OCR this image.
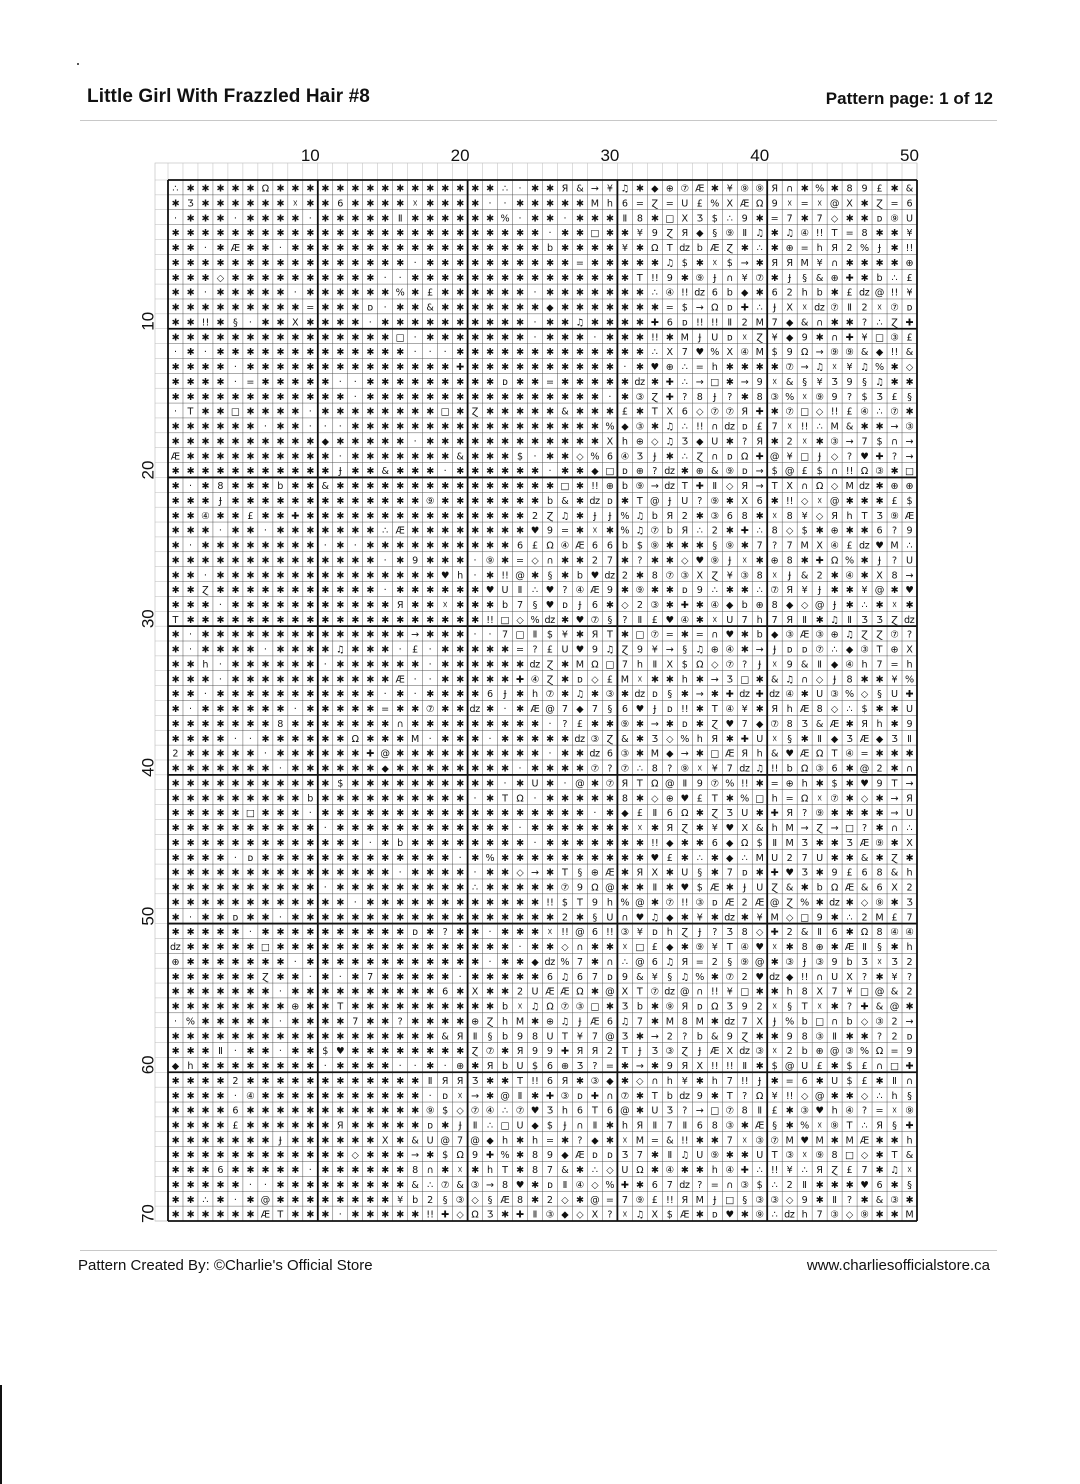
Little Girl With Frazzled Hair #8	Pattern page: 1 of 12
∴ ✱ ✱ ✱ ✱ ✱ Ω ✱ ✱ ✱ ✱ ✱ ✱ ✱ ✱ ✱ ✱ ✱ ✱ ✱ ✱ ✱ ∴ · ✱ ✱ Я & → ¥ ♫ ✱ ◆ ⊕ ⑦ Æ ✱ ¥ ⑨ ⑨ Я ∩ ✱ % ✱ 8 9 £ ✱ &
✱ Ʒ ✱ ✱ ✱ ✱ ✱ ✱ ☓ ✱ ✱ 6 ✱ ✱ ✱ ✱ ☓ ✱ ✱ ✱ ✱ · · ✱ ✱ ✱ ✱ ✱ M h 6 = Ɀ = U £ % X Æ Ω 9 ☓ = ☓ @ X ✱ Ɀ = 6
· ✱ ✱ ✱ · ✱ ✱ ✱ ✱ · ✱ ✱ ✱ ✱ ✱ Ⅱ ✱ ✱ ✱ ✱ ✱ ✱ % · ✱ ✱ · ✱ ✱ ✱ Ⅱ 8 ✱ □ X Ʒ $ ∴ 9 ✱ = 7 ✱ 7 ◇ ✱ ✱ ᴅ ⑨ U
✱ ✱ ✱ ✱ ✱ ✱ ✱ ✱ ✱ ✱ ✱ ✱ ✱ ✱ ✱ ✱ ✱ ✱ ✱ ✱ ✱ ✱ ✱ ✱ ✱ · ✱ ✱ □ ✱ ✱ ¥ 9 Ɀ Я ◆ § ⑨ Ⅱ ♫ ✱ ♫ ④ !! T = 8 ✱ ✱ ¥
✱ ✱ · ✱ Æ ✱ ✱ · ✱ ✱ ✱ ✱ ✱ ✱ ✱ ✱ ✱ ✱ ✱ ✱ ✱ ✱ ✱ ✱ ✱ b ✱ ✱ ✱ ✱ ¥ ✱ Ω T ǳ b Æ Ɀ ✱ ∴ ✱ ⊕ = h Я 2 % Ɉ ✱ !!
✱ ✱ ✱ ✱ ✱ ✱ ✱ ✱ ✱ ✱ ✱ ✱ ✱ ✱ ✱ ✱ · ✱ ✱ ✱ ✱ ✱ ✱ ✱ ✱ ✱ ✱ = ✱ ✱ ✱ ✱ ✱ ♫ $ ✱ ☓ $ → ✱ Я Я M ¥ ∩ ✱ ✱ ✱ ✱ ⊕
✱ ✱ ✱ ◇ ✱ ✱ ✱ ✱ ✱ ✱ ✱ ✱ ✱ ✱ · · ✱ ✱ ✱ ✱ ✱ ✱ ✱ ✱ ✱ ✱ ✱ ✱ ✱ ✱ ✱ T !! 9 ✱ ⑨ Ɉ ∩ ¥ ⑦ ✱ Ɉ § & ⊕ ✚ ✱ b ∴ £
✱ ✱ · ✱ ✱ ✱ ✱ ✱ · ✱ ✱ ✱ ✱ ✱ ✱ % ✱ £ ✱ ✱ ✱ ✱ ✱ ✱ · ✱ ✱ ✱ ✱ ✱ ✱ ✱ ∴ ④ !! ǳ 6 b ◆ ✱ 6 2 h b ✱ £ ǳ @ !! ¥
✱ ✱ ✱ ✱ ✱ ✱ ✱ ✱ ✱ = ✱ ✱ ✱ ᴅ · ✱ ✱ & ✱ ✱ ✱ ✱ ✱ ✱ ✱ ◆ ✱ ✱ ✱ ✱ ✱ ✱ ✱ = $ → Ω ᴅ ✚ ∴ Ɉ X ☓ ǳ ⑦ Ⅱ 2 ☓ ⑦ ᴅ
✱ ✱ !! ✱ § · ✱ ✱ X ✱ ✱ ✱ ✱ · ✱ ✱ ✱ ✱ ✱ ✱ ✱ ✱ ✱ ✱ · ✱ ✱ ♫ ✱ ✱ ✱ ✱ ✚ 6 ᴅ !! !! Ⅱ 2 M 7 ◆ & ∩ ✱ ✱ ? ∴ Ɀ ✚
✱ ✱ ✱ ✱ ✱ ✱ ✱ ✱ ✱ ✱ ✱ ✱ ✱ ✱ ✱ □ · ✱ ✱ ✱ ✱ ✱ ✱ ✱ · ✱ ✱ ✱ · ✱ ✱ ✱ !! ✱ M Ɉ U ᴅ ☓ Ɀ ¥ ◆ 9 ✱ ∩ ✚ ¥ □ ③ £
· ✱ · ✱ ✱ ✱ ✱ ✱ ✱ ✱ ✱ ✱ ✱ ✱ ✱ ✱ · · · ✱ ✱ ✱ ✱ ✱ ✱ ✱ ✱ ✱ ✱ ✱ ✱ ✱ ∴ X 7 ♥ % X ④ M $ 9 Ω → ⑨ ⑨ & ◆ !! &
✱ ✱ ✱ ✱ · ✱ ✱ ✱ ✱ ✱ ✱ ✱ ✱ ✱ ✱ ✱ ✱ ✱ ✱ ✚ ✱ ✱ ✱ ✱ ✱ ✱ ✱ ✱ ✱ ✱ · ✱ ♥ ⊕ ∴ = h ✱ ✱ ✱ ✱ ⑦ → ♫ ☓ ¥ ♫ % ✱ ◇
✱ ✱ ✱ ✱ · = ✱ ✱ ✱ ✱ ✱ · · ✱ ✱ ✱ ✱ ✱ ✱ ✱ ✱ ✱ ᴅ ✱ ✱ = ✱ ✱ ✱ ✱ ✱ ǳ ✱ ✚ ∴ → □ ✱ → 9 ☓ & § ¥ Ʒ 9 § ♫ ✱ ✱
✱ ✱ ✱ ✱ ✱ ✱ ✱ ✱ ✱ ✱ ✱ ✱ · ✱ ✱ ✱ ✱ ✱ ✱ ✱ ✱ ✱ ✱ ✱ ✱ ✱ ✱ ✱ ✱ · ✱ ③ Ɀ ✚ ? 8 Ɉ ? ✱ 8 ③ % ☓ ⑨ 9 ? $ Ʒ £ §
· T ✱ ✱ □ ✱ ✱ ✱ ✱ · ✱ ✱ ✱ ✱ ✱ ✱ ✱ ✱ □ ✱ Ɀ ✱ ✱ ✱ ✱ ✱ & ✱ ✱ ✱ £ ✱ T X 6 ◇ ⑦ ⑦ Я ✚ ✱ ⑦ □ ◇ !! £ ④ ∴ ⑦ ✱
✱ ✱ ✱ ✱ ✱ ✱ · ✱ ✱ · · · ✱ ✱ ✱ ✱ ✱ ✱ ✱ ✱ ✱ ✱ ✱ ✱ ✱ ✱ ✱ ✱ ✱ % ◆ ③ ✱ ♫ ∴ !! ∩ ǳ ᴅ £ 7 ☓ !! ∴ M & ✱ ✱ → ③
✱ ✱ ✱ ✱ ✱ ✱ ✱ ✱ ✱ ✱ ◆ ✱ ✱ ✱ ✱ ✱ · ✱ ✱ ✱ ✱ ✱ ✱ ✱ ✱ ✱ ✱ ✱ ✱ X h ⊕ ◇ ♫ Ʒ ◆ U ✱ ? Я ✱ 2 ☓ ✱ ③ → 7 $ ∩ →
Æ ✱ ✱ ✱ ✱ ✱ ✱ ✱ ✱ ✱ ✱ · ✱ ✱ ✱ ✱ ✱ ✱ ✱ & ✱ ✱ ✱ $ · ✱ ✱ ◇ % 6 ④ Ʒ Ɉ ✱ ∴ Ɀ ∩ ᴅ Ω ✚ @ ¥ □ Ɉ ◇ ? ♥ ✚ ? →
✱ ✱ ✱ ✱ ✱ ✱ ✱ ✱ ✱ ✱ ✱ Ɉ ✱ ✱ & ✱ ✱ ✱ · ✱ ✱ ✱ ✱ ✱ ✱ · ✱ ✱ ◆ □ ᴅ ⊕ ? ǳ ✱ ⊕ & ⑨ ᴅ → $ @ £ $ ∩ !! Ω ③ ✱ □
✱ · ✱ 8 ✱ ✱ ✱ b ✱ ✱ & ✱ ✱ ✱ ✱ ✱ ✱ ✱ ✱ ✱ ✱ ✱ ✱ ✱ ✱ ✱ □ ✱ !! ⊕ b ⑨ → ǳ T ✚ Ⅱ ◇ Я → T X ∩ Ω ◇ M ǳ ✱ ⊕ ⊕
✱ ✱ ✱ Ɉ ✱ ✱ ✱ ✱ ✱ ✱ ✱ ✱ ✱ ✱ ✱ ✱ ✱ ⑨ ✱ ✱ ✱ ✱ ✱ ✱ ✱ b & ✱ ǳ ᴅ ✱ T @ Ɉ U ? ⑨ ✱ X 6 ✱ !! ◇ ☓ @ ✱ ✱ ✱ £ $
✱ ✱ ④ ✱ ✱ £ ✱ ✱ ✚ ✱ ✱ ✱ ✱ ✱ ✱ ✱ ✱ ✱ ✱ ✱ ✱ ✱ ✱ ✱ 2 Ɀ ♫ ✱ Ɉ Ɉ % ♫ b Я 2 ✱ ③ 6 8 ✱ ☓ 8 ¥ ◇ Я h T Ʒ ⑨ Æ
✱ ✱ ✱ · ✱ ✱ · ✱ ✱ ✱ ✱ ✱ ✱ ✱ ∴ Æ ✱ ✱ ✱ ✱ ✱ ✱ ✱ ✱ ♥ 9 = ✱ ☓ ✱ % ♫ ⑦ b Я ∴ 2 ✱ ✚ ∴ 8 ◇ $ ✱ ⊕ ✱ ✱ 6 ? 9
✱ · ✱ ✱ ✱ ✱ ✱ ✱ ✱ ✱ · ✱ · ✱ ✱ ✱ ✱ ✱ ✱ ✱ ✱ ✱ ✱ 6 £ Ω ④ Æ 6 6 b $ ⑨ ✱ ✱ ✱ § ⑨ ✱ 7 ? 7 M X ④ £ ǳ ♥ M ∴
✱ ✱ ✱ ✱ ✱ ✱ ✱ ✱ ✱ ✱ ✱ ✱ ✱ ✱ · ✱ 9 ✱ ✱ ✱ · ⑨ ✱ = ◇ ∩ ✱ ✱ 2 7 ✱ ? ✱ ✱ ◇ ♥ ⑨ Ɉ ☓ ✱ ⊕ 8 ✱ ✚ Ω % ✱ Ɉ ? U
✱ ✱ · ✱ ✱ ✱ ✱ ✱ ✱ ✱ ✱ ✱ ✱ ✱ ✱ ✱ ✱ ✱ ♥ h · ✱ !! @ ✱ § ✱ b ♥ ǳ 2 ✱ 8 ⑦ ③ X Ɀ ¥ ③ 8 ☓ Ɉ & 2 ✱ ④ ✱ X 8 →
✱ ✱ Ɀ ✱ ✱ ✱ ✱ ✱ ✱ ✱ ✱ ✱ ✱ ✱ · ✱ ✱ ✱ ✱ ✱ ✱ ♥ U Ⅱ ∴ ♥ ? ④ Æ 9 ✱ ⑨ ✱ ✱ ᴅ 9 ∴ ✱ ✱ ∴ ⑦ Я ¥ Ɉ ✱ ✱ ¥ @ ✱ ♥
✱ ✱ ✱ · ✱ ✱ ✱ ✱ ✱ ✱ ✱ ✱ ✱ ✱ ✱ Я ✱ ✱ ☓ ✱ ✱ ✱ b 7 § ♥ ᴅ Ɉ 6 ✱ ◇ 2 ③ ✱ ✚ ✱ ④ ◆ b ⊕ 8 ◆ ◇ @ Ɉ ✱ ∴ ✱ ☓ ✱
T ✱ ✱ ✱ ✱ ✱ ✱ ✱ ✱ ✱ ✱ ✱ ✱ ✱ ✱ ✱ ✱ ✱ ✱ ✱ ✱ !! □ ◇ % ǳ ✱ ♥ ⑦ § ? Ⅱ £ ♥ ④ ✱ ☓ U 7 h 7 Я Ⅱ ✱ ♫ Ⅱ Ʒ Ʒ Ɀ ǳ
✱ · ✱ ✱ ✱ ✱ ✱ ✱ ✱ ✱ ✱ ✱ ✱ ✱ ✱ ✱ → ✱ ✱ ✱ · · 7 □ Ⅱ $ ¥ ✱ Я T ✱ □ ⑦ = ✱ = ∩ ♥ ✱ b ◆ ③ Æ ③ ⊕ ♫ Ɀ Ɀ ⑦ ?
✱ · ✱ ✱ ✱ ✱ · ✱ ✱ ✱ ✱ ♫ ✱ ✱ ✱ · £ · ✱ ✱ ✱ ✱ ✱ = ? £ U ♥ 9 ♫ Ɀ 9 ¥ → § ♫ ⊕ ④ ✱ → Ɉ ᴅ ᴅ ⑦ ∴ ◆ ③ T ⊕ X
✱ ✱ h · ✱ ✱ ✱ ✱ ✱ ✱ · ✱ ✱ ✱ ✱ ✱ ✱ · ✱ ✱ ✱ ✱ ✱ ✱ ǳ Ɀ ✱ M Ω □ 7 h Ⅱ X $ Ω ◇ ⑦ ? Ɉ ☓ 9 & Ⅱ ◆ ④ h 7 = h
✱ ✱ ✱ · ✱ ✱ ✱ ✱ ✱ ✱ ✱ ✱ ✱ ✱ ✱ Æ · · ✱ ✱ ✱ ✱ ✱ ✚ ④ Ɀ ✱ ᴅ ◇ £ M ☓ ✱ ✱ h ✱ → Ʒ □ ✱ & ♫ ∩ ◇ Ɉ 8 ✱ ✱ ¥ %
✱ ✱ · ✱ ✱ ✱ ✱ ✱ ✱ ✱ ✱ ✱ ✱ ✱ · ✱ · ✱ ✱ ✱ ✱ 6 Ɉ ✱ h ⑦ ✱ ♫ ✱ ③ ✱ ǳ ᴅ § ✱ → ✱ ✚ ǳ ✚ ǳ ④ ✱ U ③ % ◇ § U ✚
✱ · ✱ ✱ ✱ ✱ ✱ ✱ · ✱ ✱ ✱ ✱ ✱ = ✱ ✱ ⑦ ✱ ✱ ǳ ✱ · ✱ Æ @ 7 ◆ 7 § 6 ♥ Ɉ ᴅ !! ✱ T ④ ¥ ✱ Я h Æ 8 ◇ ∴ $ ✱ ✱ U
✱ ✱ ✱ ✱ ✱ ✱ ✱ 8 ✱ ✱ ✱ ✱ ✱ ✱ ✱ ∩ ✱ ✱ ✱ ✱ ✱ ✱ ✱ ✱ ✱ · ? £ ✱ ✱ ⑨ ✱ → ✱ ᴅ ✱ Ɀ ♥ 7 ◆ ⑦ 8 Ʒ & Æ ✱ Я h ✱ 9
✱ ✱ ✱ ✱ · · ✱ ✱ ✱ ✱ ✱ ✱ Ω ✱ ✱ ✱ M · ✱ ✱ ✱ · ✱ ✱ ✱ ✱ ✱ ǳ ③ Ɀ & ✱ Ʒ ◇ % h Я ✱ ✚ U ☓ § ✱ Ⅱ ◆ Ʒ Æ ◆ Ʒ Ⅱ
2 ✱ ✱ ✱ ✱ ✱ · ✱ ✱ ✱ ✱ ✱ ✱ ✚ @ ✱ ✱ ✱ ✱ ✱ ✱ ✱ ✱ ✱ ✱ · ✱ ✱ ǳ 6 ③ ✱ M ◆ → ✱ □ Æ Я h & ♥ Æ Ω T ④ = ✱ ✱ ✱
✱ ✱ ✱ ✱ ✱ ✱ ✱ · ✱ ✱ ✱ ✱ ✱ ✱ ◆ ✱ ✱ ✱ ✱ ✱ ✱ ✱ ✱ · ✱ ✱ ✱ ✱ ⑦ ? ⑦ ∴ 8 ? ⑨ ☓ ¥ 7 ǳ ♫ !! b Ω ③ 6 ✱ @ 2 ✱ ∩
✱ ✱ ✱ ✱ ✱ ✱ ✱ ✱ ✱ ✱ ✱ $ ✱ ✱ ✱ ✱ ✱ ✱ ✱ ✱ ✱ ✱ · ✱ U ✱ · @ ✱ ⑦ Я T Ω @ Ⅱ 9 ⑦ % !! ✱ = ⊕ h ✱ $ ✱ ♥ 9 T →
✱ ✱ ✱ ✱ ✱ ✱ ✱ ✱ ✱ b ✱ ✱ ✱ ✱ ✱ ✱ ✱ ✱ ✱ ✱ · ✱ T Ω · ✱ ✱ ✱ ✱ ✱ 8 ✱ ◇ ⊕ ♥ £ T ✱ % □ h = Ω ☓ ⑦ ✱ ◇ ✱ → Я
✱ ✱ ✱ ✱ ✱ □ ✱ ✱ ✱ · ✱ ✱ ✱ ✱ ✱ ✱ ✱ ✱ ✱ ✱ ✱ ✱ ✱ ✱ ✱ ✱ ✱ ✱ · ✱ ◆ £ Ⅱ 6 Ω ✱ Ɀ Ʒ U ✱ ✚ Я ? ⑨ ✱ ✱ ✱ ✱ → U
✱ ✱ ✱ ✱ ✱ ✱ ✱ ✱ ✱ ✱ · ✱ ✱ ✱ ✱ ✱ ✱ ✱ ✱ ✱ ✱ ✱ ✱ · ✱ ✱ ✱ ✱ ✱ ✱ ✱ ☓ ✱ Я Ɀ ✱ ¥ ♥ X & h M → Ɀ → □ ? ✱ ∩ ∴
✱ ✱ ✱ ✱ ✱ ✱ ✱ ✱ ✱ ✱ ✱ ✱ ✱ · ✱ b ✱ ✱ ✱ ✱ ✱ ✱ ✱ ✱ · ✱ ✱ ✱ ✱ ✱ ✱ ✱ !! ◆ ✱ ✱ 6 ◆ Ω $ Ⅱ M Ʒ ✱ ✱ Ʒ Æ ⑨ ✱ X
✱ ✱ ✱ ✱ · ᴅ ✱ ✱ ✱ ✱ ✱ ✱ ✱ ✱ ✱ ✱ ✱ ✱ ✱ · ✱ % ✱ ✱ ✱ ✱ ✱ ✱ ✱ ✱ ✱ ✱ ♥ £ ✱ ∴ ✱ ◆ ∴ M U 2 7 U ✱ ✱ & ✱ Ɀ ✱
✱ ✱ ✱ ✱ ✱ ✱ ✱ ✱ ✱ ✱ ✱ ✱ ✱ ✱ ✱ · ✱ ✱ ✱ ✱ · ✱ ✱ ◇ → ✱ T § ⊕ Æ ✱ Я X ✱ U § ✱ 7 ᴅ ✱ ✚ ♥ Ʒ ✱ 9 £ 6 8 & h
✱ ✱ ✱ ✱ ✱ ✱ ✱ ✱ ✱ ✱ · ✱ ✱ ✱ ✱ ✱ ✱ ✱ ✱ ✱ ∴ ✱ ✱ ✱ ✱ ✱ ⑦ 9 Ω @ ✱ ✱ Ⅱ ✱ ♥ $ Æ ✱ Ɉ U Ɀ & ✱ b Ω Æ & 6 X 2
✱ ✱ ✱ ✱ ✱ ✱ ✱ ✱ ✱ ✱ ✱ ✱ · ✱ ✱ ✱ ✱ ✱ ✱ ✱ ✱ ✱ ✱ ✱ ✱ !! $ T 9 h % @ ✱ ⑦ !! ③ ᴅ Æ 2 Æ @ Ɀ % ✱ ǳ ✱ ◇ ⑨ ✱ Ʒ
✱ · ✱ ✱ ᴅ ✱ ✱ · ✱ ✱ ✱ ✱ ✱ ✱ ✱ ✱ ✱ ✱ ✱ ✱ ✱ ✱ ✱ ✱ ✱ ✱ 2 ✱ § U ∩ ♥ ♫ ◆ ✱ ¥ ✱ ǳ ✱ ¥ M ◇ □ 9 ✱ ∴ 2 M £ 7
✱ ✱ ✱ ✱ ✱ · ✱ ✱ ✱ ✱ ✱ ✱ ✱ ✱ ✱ ✱ ᴅ ✱ ? ✱ ✱ · ✱ ✱ ✱ ☓ !! @ 6 !! ③ ¥ ᴅ h Ɀ Ɉ ? Ʒ 8 ◇ ✚ 2 & Ⅱ 6 ✱ Ω 8 ④ ④
ǳ ✱ ✱ ✱ ✱ ✱ □ ✱ ✱ ✱ ✱ ✱ ✱ ✱ ✱ ✱ ✱ ✱ ✱ ✱ ✱ ✱ ✱ · ✱ ✱ ◇ ∩ ✱ ✱ ☓ □ £ ◆ ✱ ⑨ ¥ T ④ ♥ ☓ ✱ 8 ⊕ ✱ Æ Ⅱ § ✱ h
⊕ ✱ ✱ ✱ ✱ ✱ ✱ ✱ · ✱ ✱ ✱ ✱ ✱ ✱ ✱ ✱ ✱ ✱ ✱ ✱ · ✱ ✱ ◆ ǳ % 7 ✱ ∩ ∴ @ 6 ♫ Я = 2 § ⑨ @ ✱ ③ Ɉ ③ 9 b Ʒ ☓ Ʒ 2
✱ ✱ ✱ ✱ ✱ ✱ Ɀ ✱ ✱ · ✱ · ✱ 7 ✱ ✱ ✱ ✱ ✱ · ✱ ✱ ✱ ✱ ✱ 6 ♫ 6 7 ᴅ 9 & ¥ § ♫ % ✱ ⑦ 2 ♥ ǳ ◆ !! ∩ U X ? ✱ ¥ ?
✱ ✱ ✱ ✱ ✱ ✱ ✱ · ✱ ✱ ✱ ✱ ✱ ✱ ✱ ✱ ✱ ✱ 6 ✱ X ✱ ✱ 2 U Æ Æ Ω ✱ @ X T ⑦ ǳ @ ∩ !! ¥ □ ✱ ✱ h 8 X 7 ¥ □ @ & 2
✱ ✱ ✱ ✱ ✱ ✱ ✱ ✱ ⊕ ✱ ✱ T ✱ ✱ ✱ ✱ ✱ ✱ ✱ ✱ ✱ ✱ b ☓ ♫ Ω ⑦ ③ □ ✱ Ʒ b ✱ ⑨ Я ᴅ Ω Ʒ 9 2 ☓ § T ☓ ✱ ? ✚ & @ ✱
· % ✱ ✱ ✱ ✱ ✱ · ✱ ✱ ✱ ✱ 7 ✱ ✱ ? ✱ ✱ ✱ ✱ ⊕ Ɀ h M ✱ ⊕ ♫ Ɉ Æ 6 ♫ 7 ✱ M 8 M ✱ ǳ 7 X Ɉ % b □ ∩ b ◇ ③ 2 →
✱ ✱ ✱ ✱ ✱ ✱ ✱ ✱ ✱ ✱ ✱ ✱ ✱ ✱ ✱ ✱ ✱ ✱ & Я Ⅱ § b 9 8 U T ¥ 7 @ Ʒ ✱ → 2 ? b & 9 Ɀ ✱ ✱ 9 8 ③ Ⅱ ✱ ✱ ? 2 ᴅ
✱ ✱ ✱ Ⅱ · ✱ ✱ · ✱ ✱ $ ♥ ✱ ✱ ✱ ✱ ✱ ✱ ✱ ✱ Ɀ ⑦ ✱ Я 9 9 ✚ Я Я 2 T Ɉ Ʒ ③ Ɀ Ɉ Æ X ǳ ③ ☓ 2 b ⊕ @ ③ % Ω = 9
◆ h ✱ ✱ ✱ ✱ ✱ ✱ ✱ ✱ · ✱ ✱ ✱ ✱ · · ✱ · ⊕ ✱ Я b U $ 6 ⊕ Ʒ ? = ✱ → ✱ 9 Я X !! !! Ⅱ ✱ $ @ U £ ✱ $ £ ∩ □ ✚
✱ ✱ ✱ ✱ 2 ✱ ✱ ✱ ✱ ✱ ✱ ✱ ✱ ✱ ✱ ✱ ✱ Ⅱ Я Я Ʒ ✱ ✱ T !! 6 Я ✱ ③ ◆ ✱ ◇ ∩ h ¥ ✱ h 7 !! Ɉ ✱ = 6 ✱ U $ £ ✱ Ⅱ ∩
✱ ✱ ✱ ✱ · ④ ✱ ✱ ✱ ✱ ✱ ✱ ✱ ✱ ✱ ✱ ✱ · ᴅ ☓ → ✱ @ Ⅱ ✱ ✚ ③ ᴅ ✚ ∩ ⑦ ✱ T b ǳ 9 ✱ T ? Ω ¥ !! ◇ @ ✱ ✱ ◇ ∴ h §
✱ ✱ ✱ ✱ 6 ✱ ✱ ✱ ✱ ✱ ✱ ✱ ✱ ✱ ✱ ✱ ✱ ⑨ $ ◇ ⑦ ④ ∴ ⑦ ♥ Ʒ h 6 T 6 @ ✱ U Ʒ ? → □ ⑦ 8 Ⅱ £ ✱ ③ ♥ h ④ ? = ☓ ⑨
✱ ✱ ✱ ✱ £ ✱ ✱ ✱ ✱ ✱ ✱ Я ✱ ✱ ✱ ✱ ✱ ᴅ ✱ Ɉ Ⅱ ∴ □ U ◆ $ Ɉ ∩ Ⅱ ✱ h Я Ⅱ 7 Ⅱ 6 8 ③ ✱ Æ § ✱ % ☓ ⑨ T ∴ Я § ✚
✱ ✱ ✱ ✱ ✱ ✱ ✱ Ɉ ✱ ✱ ✱ ✱ ✱ ✱ X ✱ & U @ 7 @ ◆ h ✱ h = ✱ ? ◆ ✱ ☓ M = & !! ✱ ✱ 7 ☓ ③ ⑦ M ♥ M ✱ M Æ ✱ ✱ h
✱ ✱ ✱ ✱ ✱ ✱ ✱ ✱ ✱ ✱ ✱ ✱ ◇ ✱ ✱ ✱ → ✱ $ Ω 9 ✚ % ✱ 8 9 ◆ Æ ᴅ ᴅ Ʒ 7 ✱ Ⅱ ♫ U ⑨ ✱ ✱ U T ③ ☓ ⑨ 8 □ ◇ ✱ T &
✱ ✱ ✱ 6 ✱ ✱ ✱ ✱ ✱ · ✱ ✱ ✱ ✱ ✱ ✱ 8 ∩ ✱ ☓ ✱ h T ✱ 8 7 & ✱ ∴ ◇ U Ω ✱ ④ ✱ ✱ h ④ ✚ ∴ !! ¥ ∴ Я Ɀ £ 7 ✱ ♫ ☓
✱ ✱ ✱ ✱ ✱ · · ✱ ✱ ✱ ✱ ✱ ✱ ✱ ✱ ✱ & ∴ ⑦ & ③ → 8 ♥ ✱ ᴅ Ⅱ ④ ◇ % ✚ ✱ 6 7 ǳ ? = ∩ ③ $ ∴ 2 Ⅱ ✱ ✱ ✱ ♥ 6 ✱ §
✱ ✱ ∴ ✱ · ✱ @ ✱ ✱ ✱ ✱ ✱ ✱ ✱ ✱ ¥ b 2 § ③ ◇ § Æ 8 ✱ 2 ◇ ✱ @ = 7 ⑨ £ !! Я M Ɉ □ § ③ ③ ◇ 9 ✱ Ⅱ ? ✱ & ③ ✱
✱ ✱ ✱ ✱ ✱ ✱ Æ T ✱ ✱ ✱ · ✱ ✱ ✱ ✱ ✱ !! ✚ ◇ Ω Ʒ ✱ ✚ Ⅱ ③ ◆ ◇ X ? ☓ ♫ X $ Æ ✱ ᴅ ♥ ✱ ⑨ ∴ ǳ h 7 ③ ◇ ⑨ ✱ ✱ M
10	20	30	40	50
10
20
30
40
50
60
70
Pattern Created By: ©Charlie's Official Store	www.charliesofficialstore.ca
